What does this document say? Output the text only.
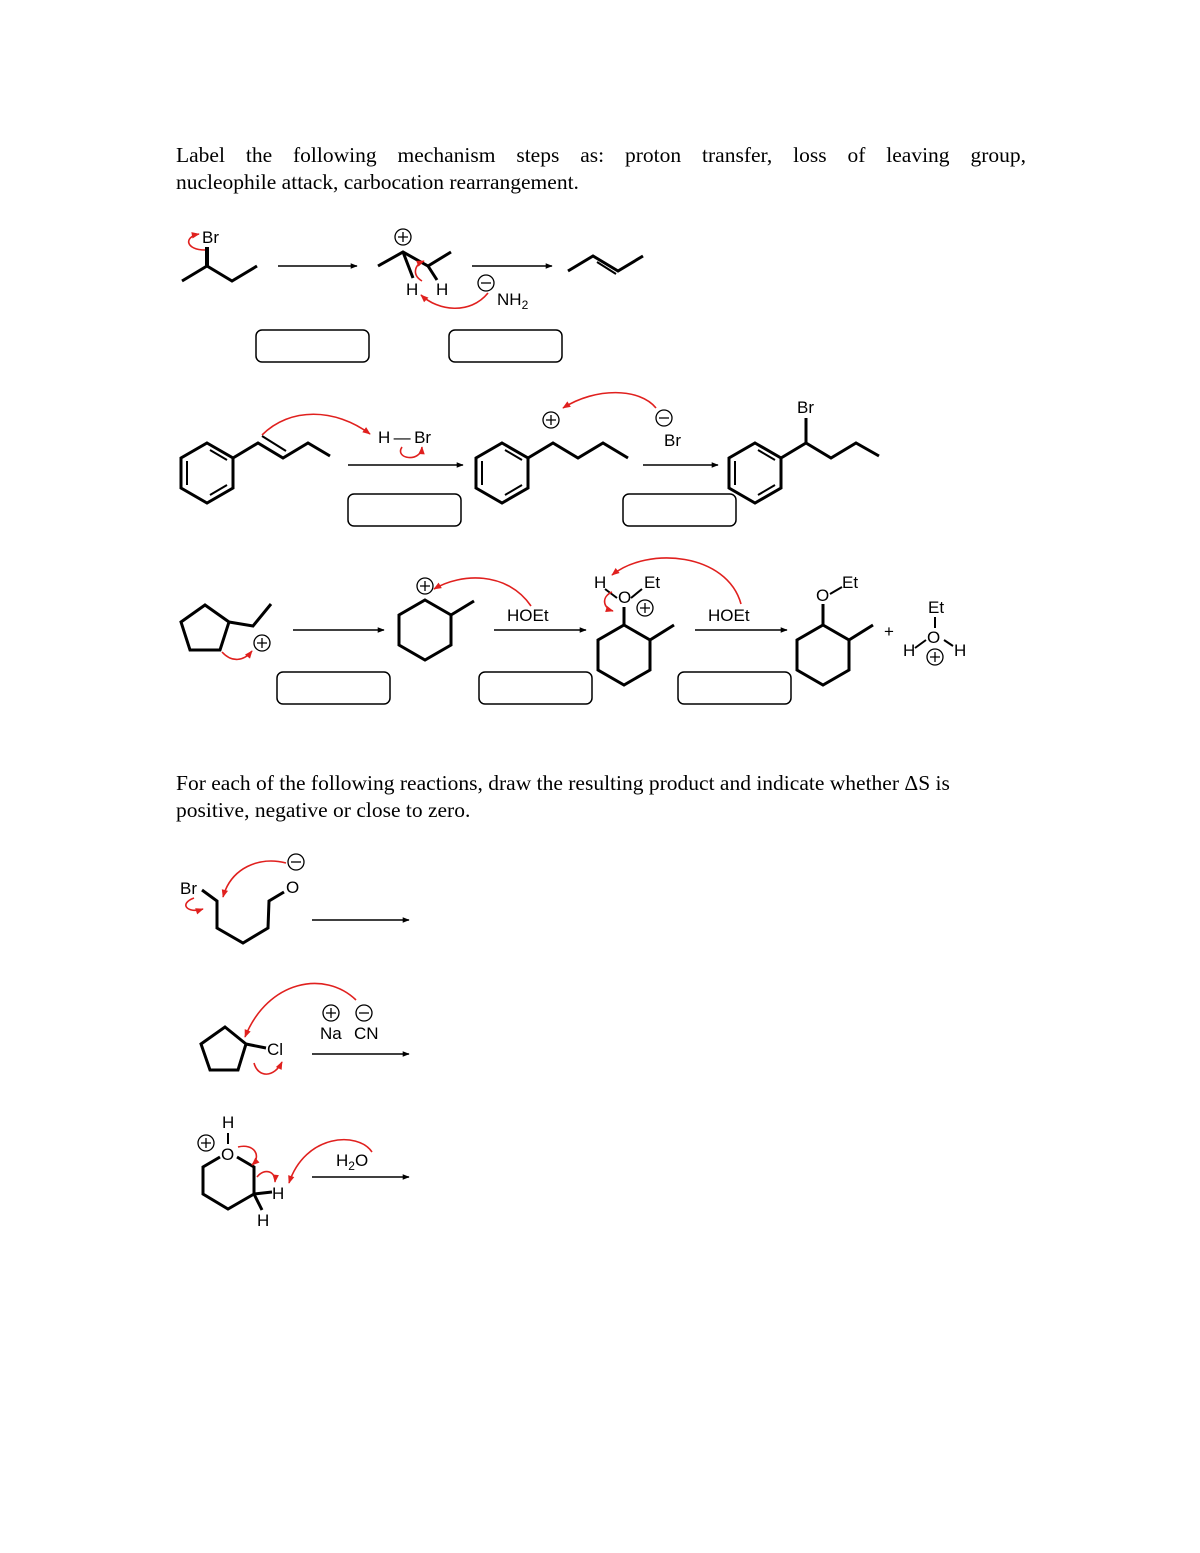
Label the following mechanism steps as: proton transfer, loss of leaving group,
nucleophile attack, carbocation rearrangement.
For each of the following reactions, draw the resulting product and indicate whether ΔS is positive, negative or close to zero.
Br
H H
$NH_2$
H — Br	Br
Br
HOEt
H
O
Et
HOEt
O
Et
+
Et
O
H H
Br	O
Cl
Na CN
H
O
H
H
$H_2O$
